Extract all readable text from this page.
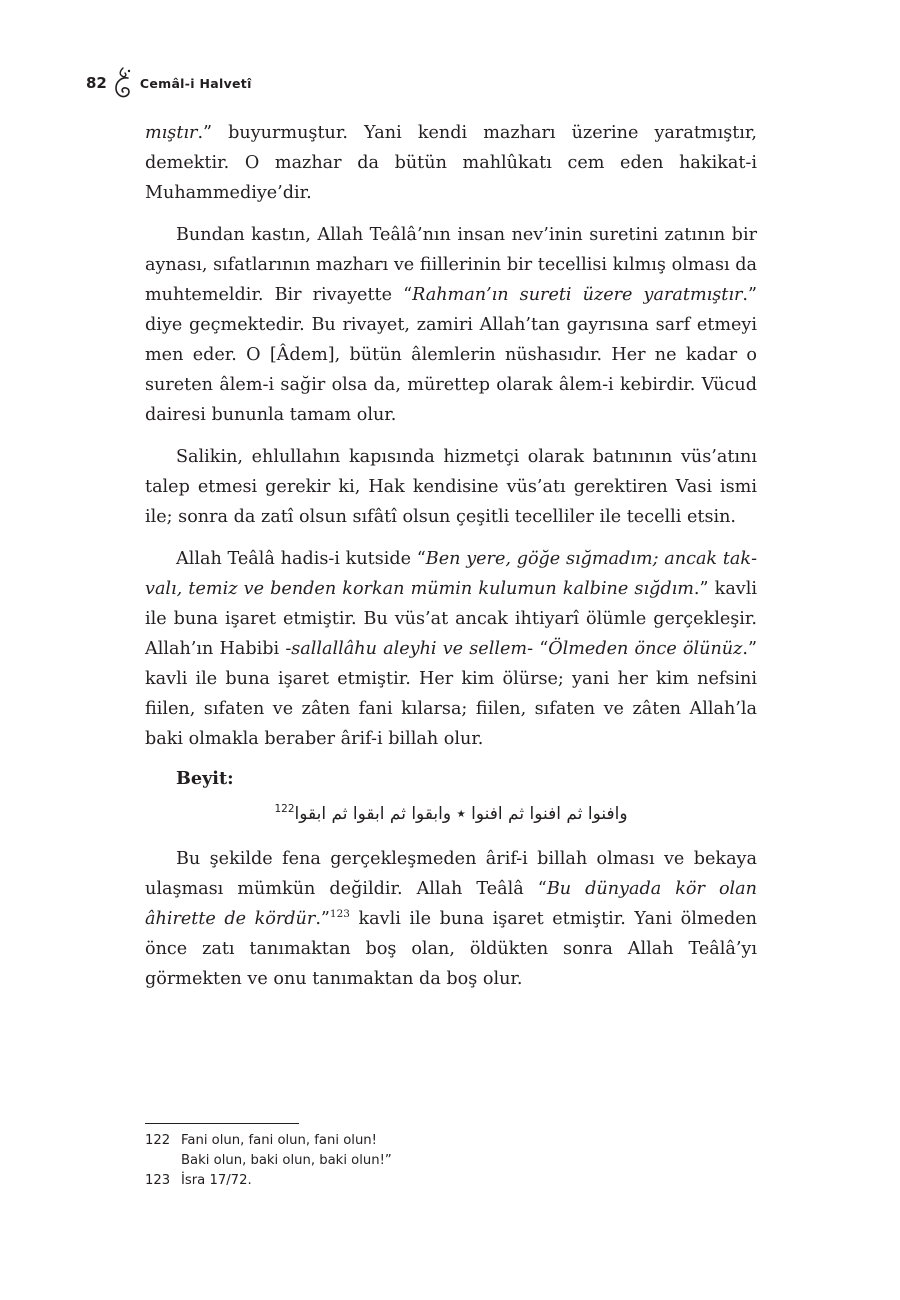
82	Cemâl-i Halvetî

mıştır.” buyurmuştur. Yani kendi mazharı üzerine yaratmıştır, demektir. O mazhar da bütün mahlûkatı cem eden hakikat-i Muhammediye’dir.

Bundan kastın, Allah Teâlâ’nın insan nev’inin suretini zatının bir aynası, sıfatlarının mazharı ve fiillerinin bir tecellisi kılmış olması da muhtemeldir. Bir rivayette “Rahman’ın sureti üzere yaratmıştır.” diye geçmektedir. Bu rivayet, zamiri Allah’tan gayrısına sarf etmeyi men eder. O [Âdem], bütün âlemlerin nüshasıdır. Her ne kadar o sureten âlem-i sağir olsa da, mürettep olarak âlem-i kebirdir. Vücud dairesi bununla tamam olur.

Salikin, ehlullahın kapısında hizmetçi olarak batınının vüs’atını talep etmesi gerekir ki, Hak kendisine vüs’atı gerektiren Vasi ismi ile; sonra da zatî olsun sıfâtî olsun çeşitli tecelliler ile tecelli etsin.

Allah Teâlâ hadis-i kutside “Ben yere, göğe sığmadım; ancak takvalı, temiz ve benden korkan mümin kulumun kalbine sığdım.” kavli ile buna işaret etmiştir. Bu vüs’at ancak ihtiyarî ölümle gerçekleşir. Allah’ın Habibi -sallallâhu aleyhi ve sellem- “Ölmeden önce ölünüz.” kavli ile buna işaret etmiştir. Her kim ölürse; yani her kim nefsini fiilen, sıfaten ve zâten fani kılarsa; fiilen, sıfaten ve zâten Allah’la baki olmakla beraber ârif-i billah olur.

Beyit:
$^{122}$وافنوا ثم افنوا ثم افنوا ٭ وابقوا ثم ابقوا ثم ابقوا

Bu şekilde fena gerçekleşmeden ârif-i billah olması ve bekaya ulaşması mümkün değildir. Allah Teâlâ “Bu dünyada kör olan âhirette de kördür.”$^{123}$ kavli ile buna işaret etmiştir. Yani ölmeden önce zatı tanımaktan boş olan, öldükten sonra Allah Teâlâ’yı görmekten ve onu tanımaktan da boş olur.

122 Fani olun, fani olun, fani olun!
Baki olun, baki olun, baki olun!”
123 İsra 17/72.
